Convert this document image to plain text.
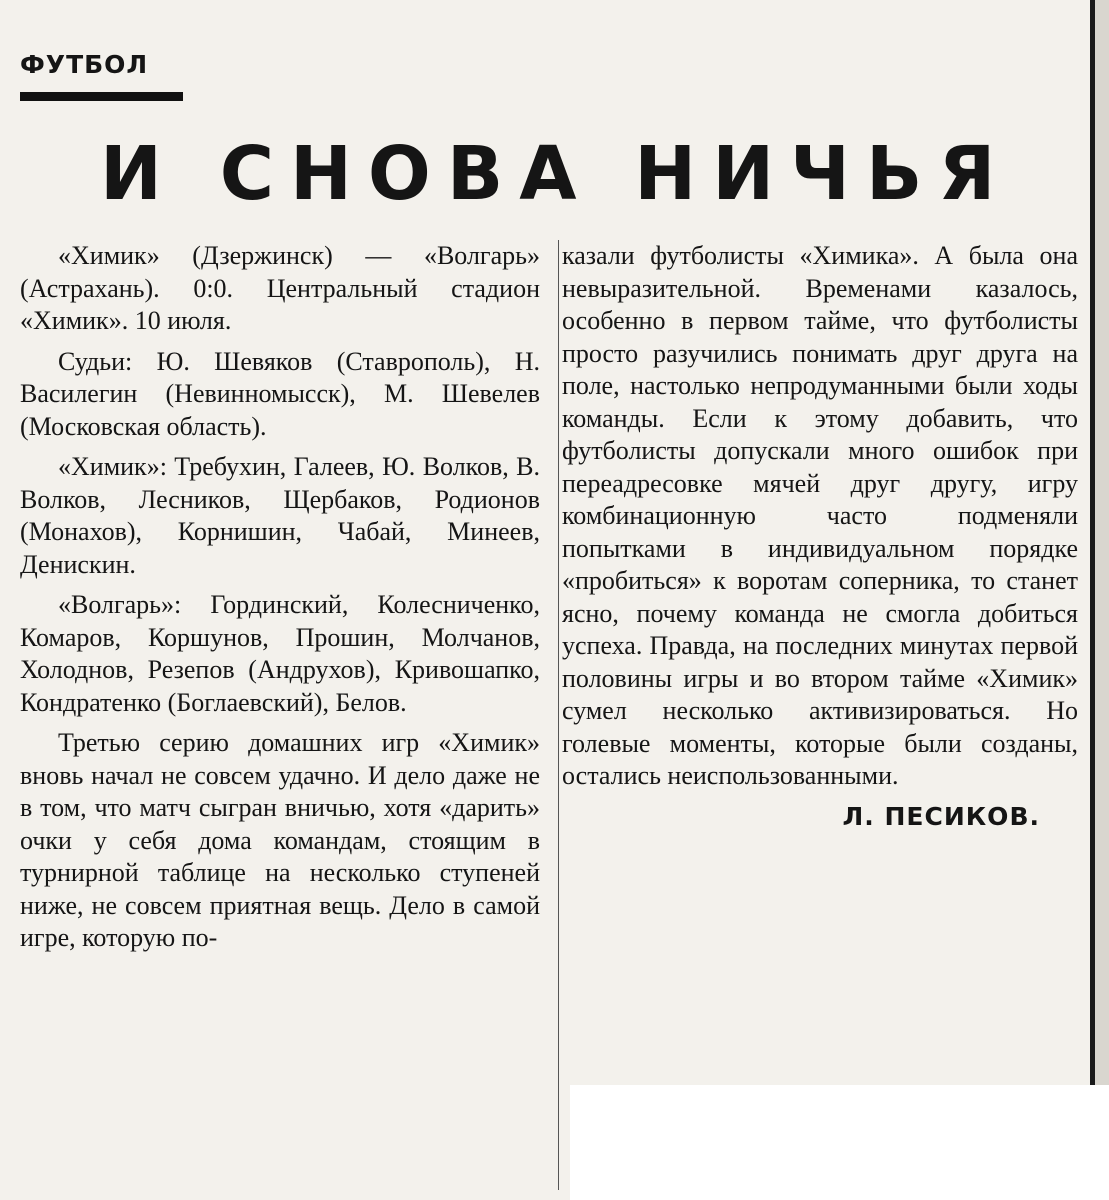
ФУТБОЛ
И СНОВА НИЧЬЯ

«Химик» (Дзержинск) — «Волгарь» (Астрахань). 0:0. Центральный стадион «Химик». 10 июля.

Судьи: Ю. Шевяков (Ставрополь), Н. Василегин (Невинномысск), М. Шевелев (Московская область).

«Химик»: Требухин, Галеев, Ю. Волков, В. Волков, Лесников, Щербаков, Родионов (Монахов), Корнишин, Чабай, Минеев, Денискин.

«Волгарь»: Гординский, Колесниченко, Комаров, Коршунов, Прошин, Молчанов, Холоднов, Резепов (Андрухов), Кривошапко, Кондратенко (Боглаевский), Белов.

Третью серию домашних игр «Химик» вновь начал не совсем удачно. И дело даже не в том, что матч сыгран вничью, хотя «дарить» очки у себя дома командам, стоящим в турнирной таблице на несколько ступеней ниже, не совсем приятная вещь. Дело в самой игре, которую по-

казали футболисты «Химика». А была она невыразительной. Временами казалось, особенно в первом тайме, что футболисты просто разучились понимать друг друга на поле, настолько непродуманными были ходы команды. Если к этому добавить, что футболисты допускали много ошибок при переадресовке мячей друг другу, игру комбинационную часто подменяли попытками в индивидуальном порядке «пробиться» к воротам соперника, то станет ясно, почему команда не смогла добиться успеха. Правда, на последних минутах первой половины игры и во втором тайме «Химик» сумел несколько активизироваться. Но голевые моменты, которые были созданы, остались неиспользованными.

Л. ПЕСИКОВ.
